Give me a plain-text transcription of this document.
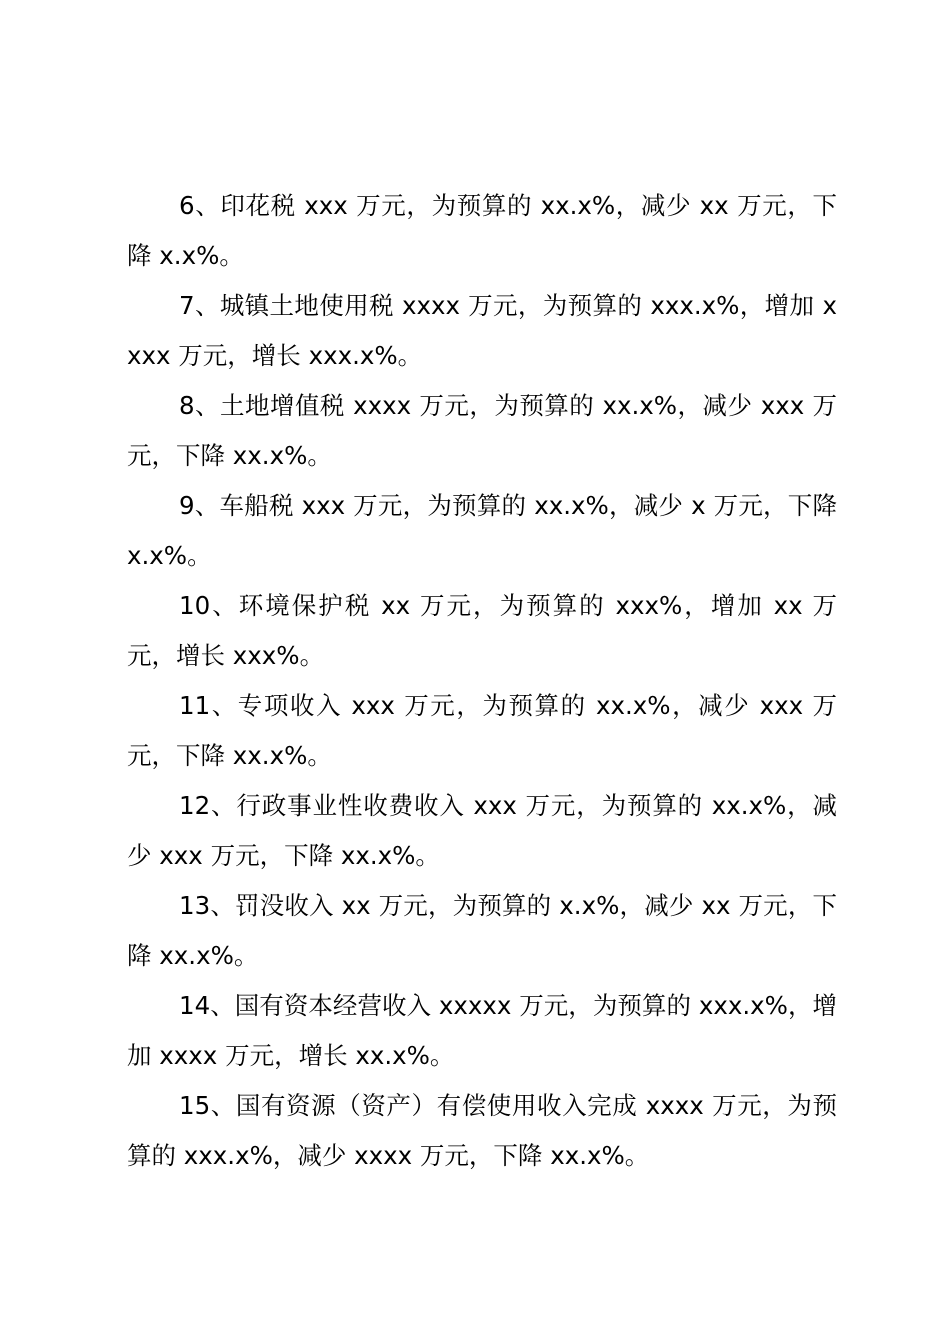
6、印花税 xxx 万元，为预算的 xx.x%，减少 xx 万元，下降 x.x%。

7、城镇土地使用税 xxxx 万元，为预算的 xxx.x%，增加 xxxx 万元，增长 xxx.x%。

8、土地增值税 xxxx 万元，为预算的 xx.x%，减少 xxx 万元，下降 xx.x%。

9、车船税 xxx 万元，为预算的 xx.x%，减少 x 万元，下降 x.x%。

10、环境保护税 xx 万元，为预算的 xxx%，增加 xx 万元，增长 xxx%。

11、专项收入 xxx 万元，为预算的 xx.x%，减少 xxx 万元，下降 xx.x%。

12、行政事业性收费收入 xxx 万元，为预算的 xx.x%，减少 xxx 万元，下降 xx.x%。

13、罚没收入 xx 万元，为预算的 x.x%，减少 xx 万元，下降 xx.x%。

14、国有资本经营收入 xxxxx 万元，为预算的 xxx.x%，增加 xxxx 万元，增长 xx.x%。

15、国有资源（资产）有偿使用收入完成 xxxx 万元，为预算的 xxx.x%，减少 xxxx 万元，下降 xx.x%。
